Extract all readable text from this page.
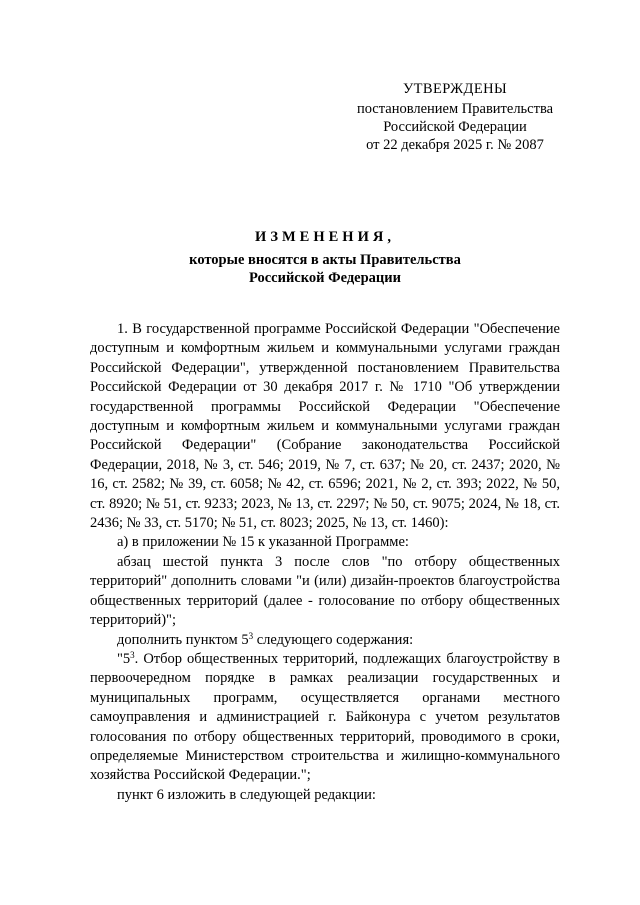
УТВЕРЖДЕНЫ
постановлением Правительства
Российской Федерации
от 22 декабря 2025 г. № 2087
ИЗМЕНЕНИЯ,
которые вносятся в акты Правительства
Российской Федерации

1. В государственной программе Российской Федерации "Обеспечение доступным и комфортным жильем и коммунальными услугами граждан Российской Федерации", утвержденной постановлением Правительства Российской Федерации от 30 декабря 2017 г. № 1710 "Об утверждении государственной программы Российской Федерации "Обеспечение доступным и комфортным жильем и коммунальными услугами граждан Российской Федерации" (Собрание законодательства Российской Федерации, 2018, № 3, ст. 546; 2019, № 7, ст. 637; № 20, ст. 2437; 2020, № 16, ст. 2582; № 39, ст. 6058; № 42, ст. 6596; 2021, № 2, ст. 393; 2022, № 50, ст. 8920; № 51, ст. 9233; 2023, № 13, ст. 2297; № 50, ст. 9075; 2024, № 18, ст. 2436; № 33, ст. 5170; № 51, ст. 8023; 2025, № 13, ст. 1460):

а) в приложении № 15 к указанной Программе:

абзац шестой пункта 3 после слов "по отбору общественных территорий" дополнить словами "и (или) дизайн-проектов благоустройства общественных территорий (далее - голосование по отбору общественных территорий)";

дополнить пунктом $5^3$ следующего содержания:

"$5^3$. Отбор общественных территорий, подлежащих благоустройству в первоочередном порядке в рамках реализации государственных и муниципальных программ, осуществляется органами местного самоуправления и администрацией г. Байконура с учетом результатов голосования по отбору общественных территорий, проводимого в сроки, определяемые Министерством строительства и жилищно-коммунального хозяйства Российской Федерации.";

пункт 6 изложить в следующей редакции:
